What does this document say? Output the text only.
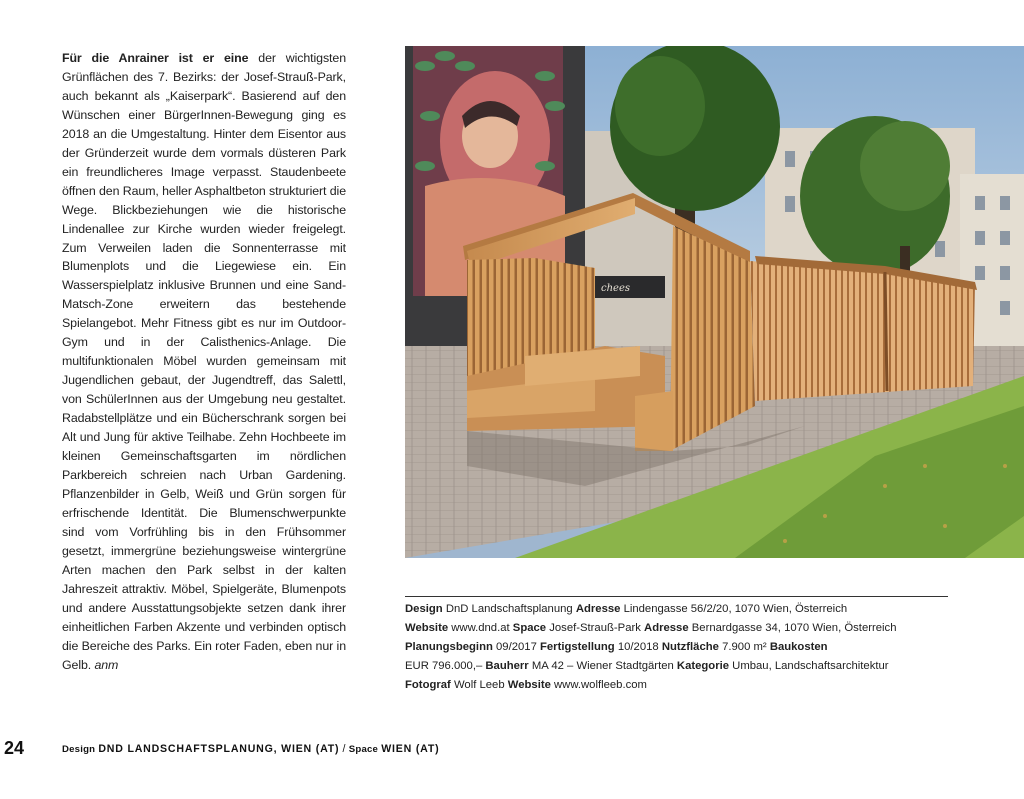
Für die Anrainer ist er eine der wichtigsten Grünflächen des 7. Bezirks: der Josef-Strauß-Park, auch bekannt als „Kaiserpark“. Basierend auf den Wünschen einer BürgerInnen-Bewegung ging es 2018 an die Umgestaltung. Hinter dem Eisentor aus der Gründerzeit wurde dem vormals düsteren Park ein freundlicheres Image verpasst. Staudenbeete öffnen den Raum, heller Asphaltbeton strukturiert die Wege. Blickbeziehungen wie die historische Lindenallee zur Kirche wurden wieder freigelegt. Zum Verweilen laden die Sonnenterrasse mit Blumenplots und die Liegewiese ein. Ein Wasserspielplatz inklusive Brunnen und eine Sand-Matsch-Zone erweitern das bestehende Spielangebot. Mehr Fitness gibt es nur im Outdoor-Gym und in der Calisthenics-Anlage. Die multifunktionalen Möbel wurden gemeinsam mit Jugendlichen gebaut, der Jugendtreff, das Salettl, von SchülerInnen aus der Umgebung neu gestaltet. Radabstellplätze und ein Bücherschrank sorgen bei Alt und Jung für aktive Teilhabe. Zehn Hochbeete im kleinen Gemeinschaftsgarten im nördlichen Parkbereich schreien nach Urban Gardening. Pflanzenbilder in Gelb, Weiß und Grün sorgen für erfrischende Identität. Die Blumenschwerpunkte sind vom Vorfrühling bis in den Frühsommer gesetzt, immergrüne beziehungsweise wintergrüne Arten machen den Park selbst in der kalten Jahreszeit attraktiv. Möbel, Spielgeräte, Blumenpots und andere Ausstattungsobjekte setzen dank ihrer einheitlichen Farben Akzente und verbinden optisch die Bereiche des Parks. Ein roter Faden, eben nur in Gelb. anm
chees
Design DnD Landschaftsplanung Adresse Lindengasse 56/2/20, 1070 Wien, Österreich
Website www.dnd.at Space Josef-Strauß-Park Adresse Bernardgasse 34, 1070 Wien, Österreich
Planungsbeginn 09/2017 Fertigstellung 10/2018 Nutzfläche 7.900 m² Baukosten
EUR 796.000,– Bauherr MA 42 – Wiener Stadtgärten Kategorie Umbau, Landschaftsarchitektur
Fotograf Wolf Leeb Website www.wolfleeb.com
24	Design DND LANDSCHAFTSPLANUNG, WIEN (AT) / Space WIEN (AT)
